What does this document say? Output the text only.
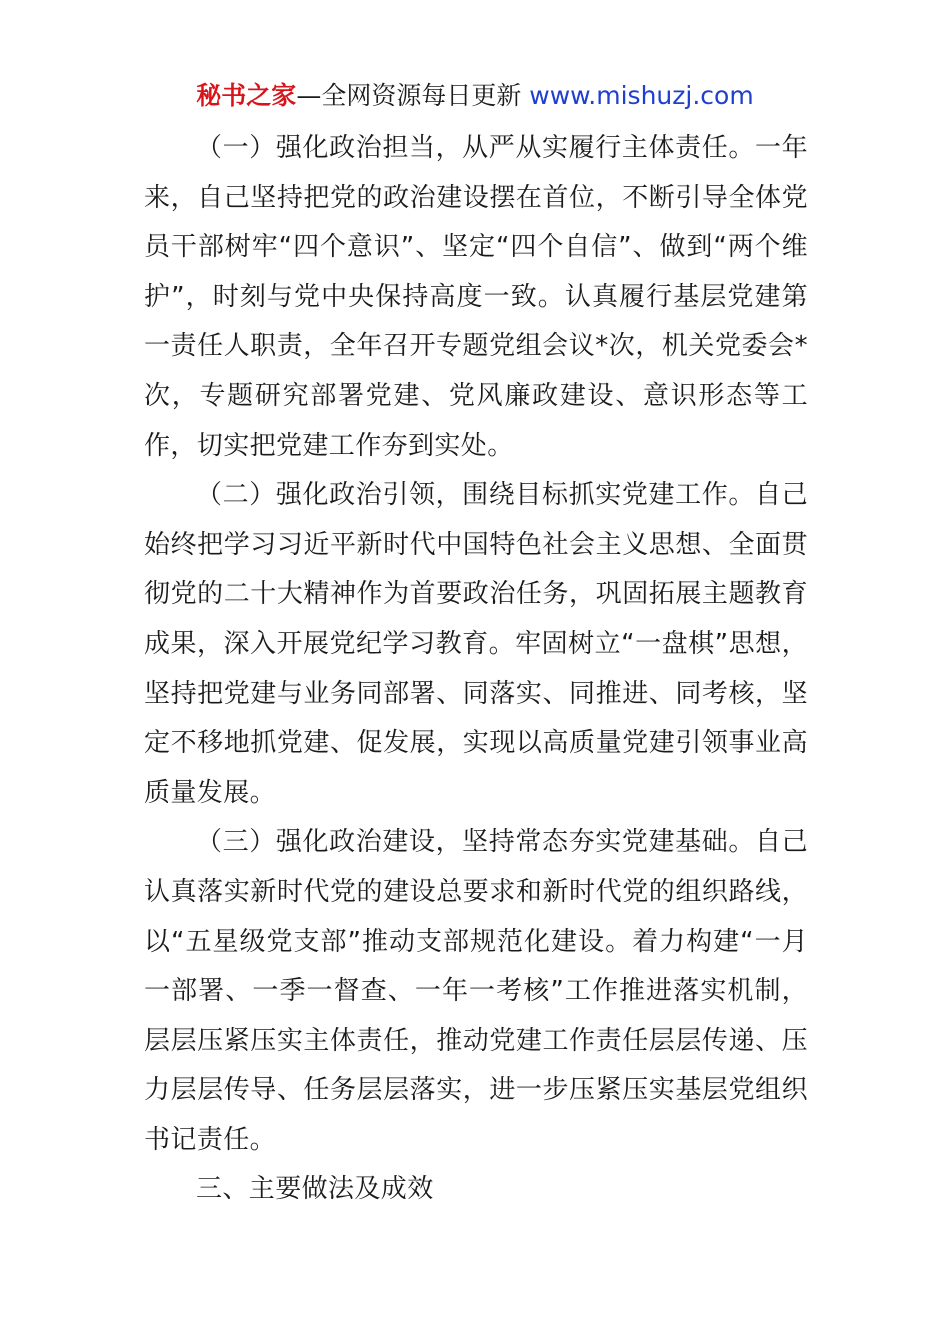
秘书之家—全网资源每日更新 www.mishuzj.com

（一）强化政治担当，从严从实履行主体责任。一年来，自己坚持把党的政治建设摆在首位，不断引导全体党员干部树牢“四个意识”、坚定“四个自信”、做到“两个维护”，时刻与党中央保持高度一致。认真履行基层党建第一责任人职责，全年召开专题党组会议*次，机关党委会*次，专题研究部署党建、党风廉政建设、意识形态等工作，切实把党建工作夯到实处。

（二）强化政治引领，围绕目标抓实党建工作。自己始终把学习习近平新时代中国特色社会主义思想、全面贯彻党的二十大精神作为首要政治任务，巩固拓展主题教育成果，深入开展党纪学习教育。牢固树立“一盘棋”思想，坚持把党建与业务同部署、同落实、同推进、同考核，坚定不移地抓党建、促发展，实现以高质量党建引领事业高质量发展。

（三）强化政治建设，坚持常态夯实党建基础。自己认真落实新时代党的建设总要求和新时代党的组织路线，以“五星级党支部”推动支部规范化建设。着力构建“一月一部署、一季一督查、一年一考核”工作推进落实机制，层层压紧压实主体责任，推动党建工作责任层层传递、压力层层传导、任务层层落实，进一步压紧压实基层党组织书记责任。

三、主要做法及成效
